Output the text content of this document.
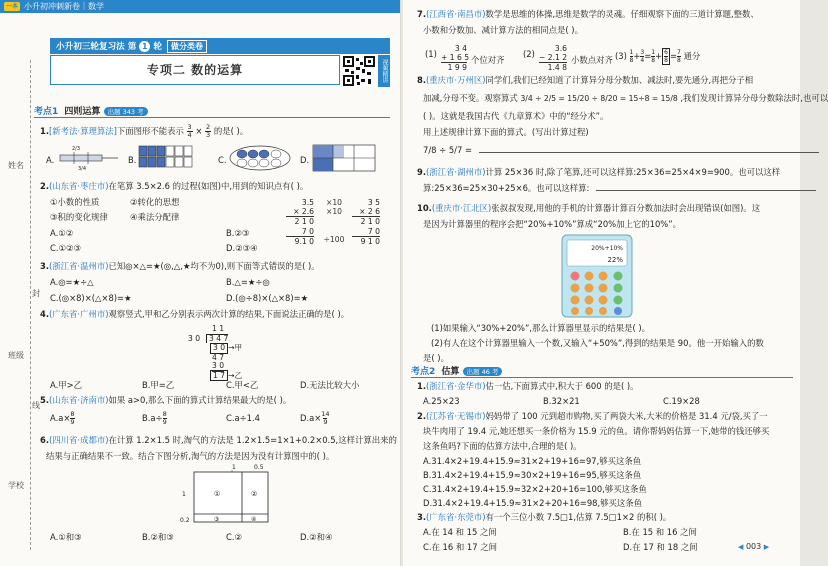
一本 小升初冲刺新卷｜数学
小升初三轮复习法 第 1 轮 做分类卷
专项二 数的运算	视频精讲
考点1 四则运算 出题 343 考
姓名
封
班级
线
学校
1.[新考法·算理算法]下面图形不能表示 $\frac{3}{4} \times \frac{2}{3}$ 的是( )。
A.
2/3
3/4
B.	C.	D.
2.(山东省·枣庄市)在笔算 3.5×2.6 的过程(如图)中,用到的知识点有( )。
①小数的性质	②转化的思想
③积的变化规律	④乘法分配律
A.①②	B.②③
C.①②③	D.②③④
3.5
× 2.6
2 1 0
7 0
9.1 0
×10
×10

÷100
3 5
× 2 6
2 1 0
7 0
9 1 0
3.(浙江省·温州市)已知◎×△=★(◎,△,★均不为0),则下面等式错误的是( )。
A.◎=★÷△	B.△=★÷◎
C.(◎×8)×(△×8)=★	D.(◎÷8)×(△×8)=★
4.(广东省·广州市)观察竖式,甲和乙分别表示两次计算的结果,下面说法正确的是( )。
1 1
3 0 3 4 7
3 0 →甲
4 7
3 0
1 7 →乙
A.甲>乙	B.甲=乙	C.甲<乙	D.无法比较大小
5.(山东省·济南市)如果 a>0,那么下面的算式计算结果最大的是( )。
$A.a\times\frac{8}{9}$	$B.a\div\frac{8}{9}$	C.a÷1.4	$D.a\times\frac{14}{9}$
6.(四川省·成都市)在计算 1.2×1.5 时,淘气的方法是 1.2×1.5=1×1+0.2×0.5,这样计算出来的
结果与正确结果不一致。结合下图分析,淘气的方法是因为没有计算图中的( )。
1	0.5
1
0.2
①	②
③	④
A.①和③	B.②和③	C.②	D.②和④
7.(江西省·南昌市)数学是思维的体操,思维是数学的灵魂。仔细观察下面的三道计算题,整数、
小数和分数加、减计算方法的相同点是( )。
(1)
3 4
+ 1 6 5
1 9 9
个位对齐
(2)
3.6
− 2.1 2
1.4 8
小数点对齐 $(3) \frac{1}{8}+\frac{3}{4}=\frac{1}{8}+\frac{6}{8}=\frac{7}{8}$ 通分
8.(重庆市·万州区)同学们,我们已经知道了计算异分母分数加、减法时,要先通分,再把分子相
加减,分母不变。观察算式 3/4 ÷ 2/5 = 15/20 ÷ 8/20 = 15÷8 = 15/8 ,我们发现计算异分母分数除法时,也可以
( )。这就是我国古代《九章算术》中的“经分术”。
用上述规律计算下面的算式。(写出计算过程)
7/8 ÷ 5/7 =
9.(浙江省·湖州市)计算 25×36 时,除了笔算,还可以这样算:25×36=25×4×9=900。也可以这样
算:25×36=25×30+25×6。也可以这样算:
10.(重庆市·江北区)张叔叔发现,用他的手机的计算器计算百分数加法时会出现错误(如图)。这
是因为计算器里的程序会把“20%+10%”算成“20%加上它的10%”。
20%+10%
22%
(1)如果输入“30%+20%”,那么计算器里显示的结果是( )。
(2)有人在这个计算器里输入一个数,又输入“+50%”,得到的结果是 90。他一开始输入的数
是( )。
考点2 估算 出题 46 考
1.(浙江省·金华市)估一估,下面算式中,积大于 600 的是( )。
A.25×23	B.32×21	C.19×28
2.(江苏省·无锡市)妈妈带了 100 元到超市购物,买了两袋大米,大米的价格是 31.4 元/袋,买了一
块牛肉用了 19.4 元,她还想买一条价格为 15.9 元的鱼。请你帮妈妈估算一下,她带的钱还够买
这条鱼吗?下面的估算方法中,合理的是( )。
A.31.4×2+19.4+15.9≈31×2+19+16=97,够买这条鱼
B.31.4×2+19.4+15.9≈30×2+19+16=95,够买这条鱼
C.31.4×2+19.4+15.9≈32×2+20+16=100,够买这条鱼
D.31.4×2+19.4+15.9≈31×2+20+16=98,够买这条鱼
3.(广东省·东莞市)有一个三位小数 7.5□1,估算 7.5□1×2 的积( )。
A.在 14 和 15 之间	B.在 15 和 16 之间
C.在 16 和 17 之间	D.在 17 和 18 之间	◀ 003 ▶
